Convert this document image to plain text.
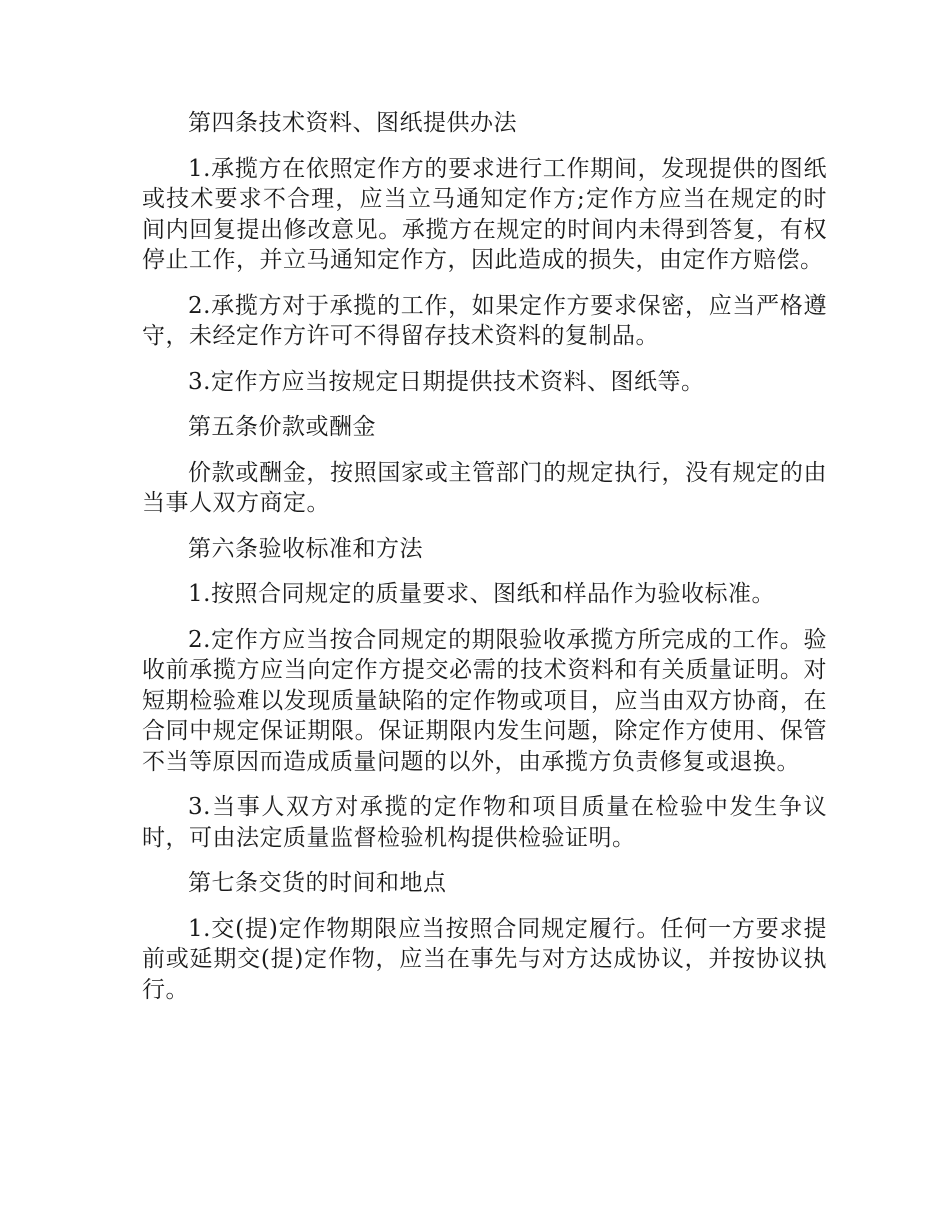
第四条技术资料、图纸提供办法

1.承揽方在依照定作方的要求进行工作期间，发现提供的图纸或技术要求不合理，应当立马通知定作方;定作方应当在规定的时间内回复提出修改意见。承揽方在规定的时间内未得到答复，有权停止工作，并立马通知定作方，因此造成的损失，由定作方赔偿。

2.承揽方对于承揽的工作，如果定作方要求保密，应当严格遵守，未经定作方许可不得留存技术资料的复制品。

3.定作方应当按规定日期提供技术资料、图纸等。

第五条价款或酬金

价款或酬金，按照国家或主管部门的规定执行，没有规定的由当事人双方商定。

第六条验收标准和方法

1.按照合同规定的质量要求、图纸和样品作为验收标准。

2.定作方应当按合同规定的期限验收承揽方所完成的工作。验收前承揽方应当向定作方提交必需的技术资料和有关质量证明。对短期检验难以发现质量缺陷的定作物或项目，应当由双方协商，在合同中规定保证期限。保证期限内发生问题，除定作方使用、保管不当等原因而造成质量问题的以外，由承揽方负责修复或退换。

3.当事人双方对承揽的定作物和项目质量在检验中发生争议时，可由法定质量监督检验机构提供检验证明。

第七条交货的时间和地点

1.交(提)定作物期限应当按照合同规定履行。任何一方要求提前或延期交(提)定作物，应当在事先与对方达成协议，并按协议执行。
